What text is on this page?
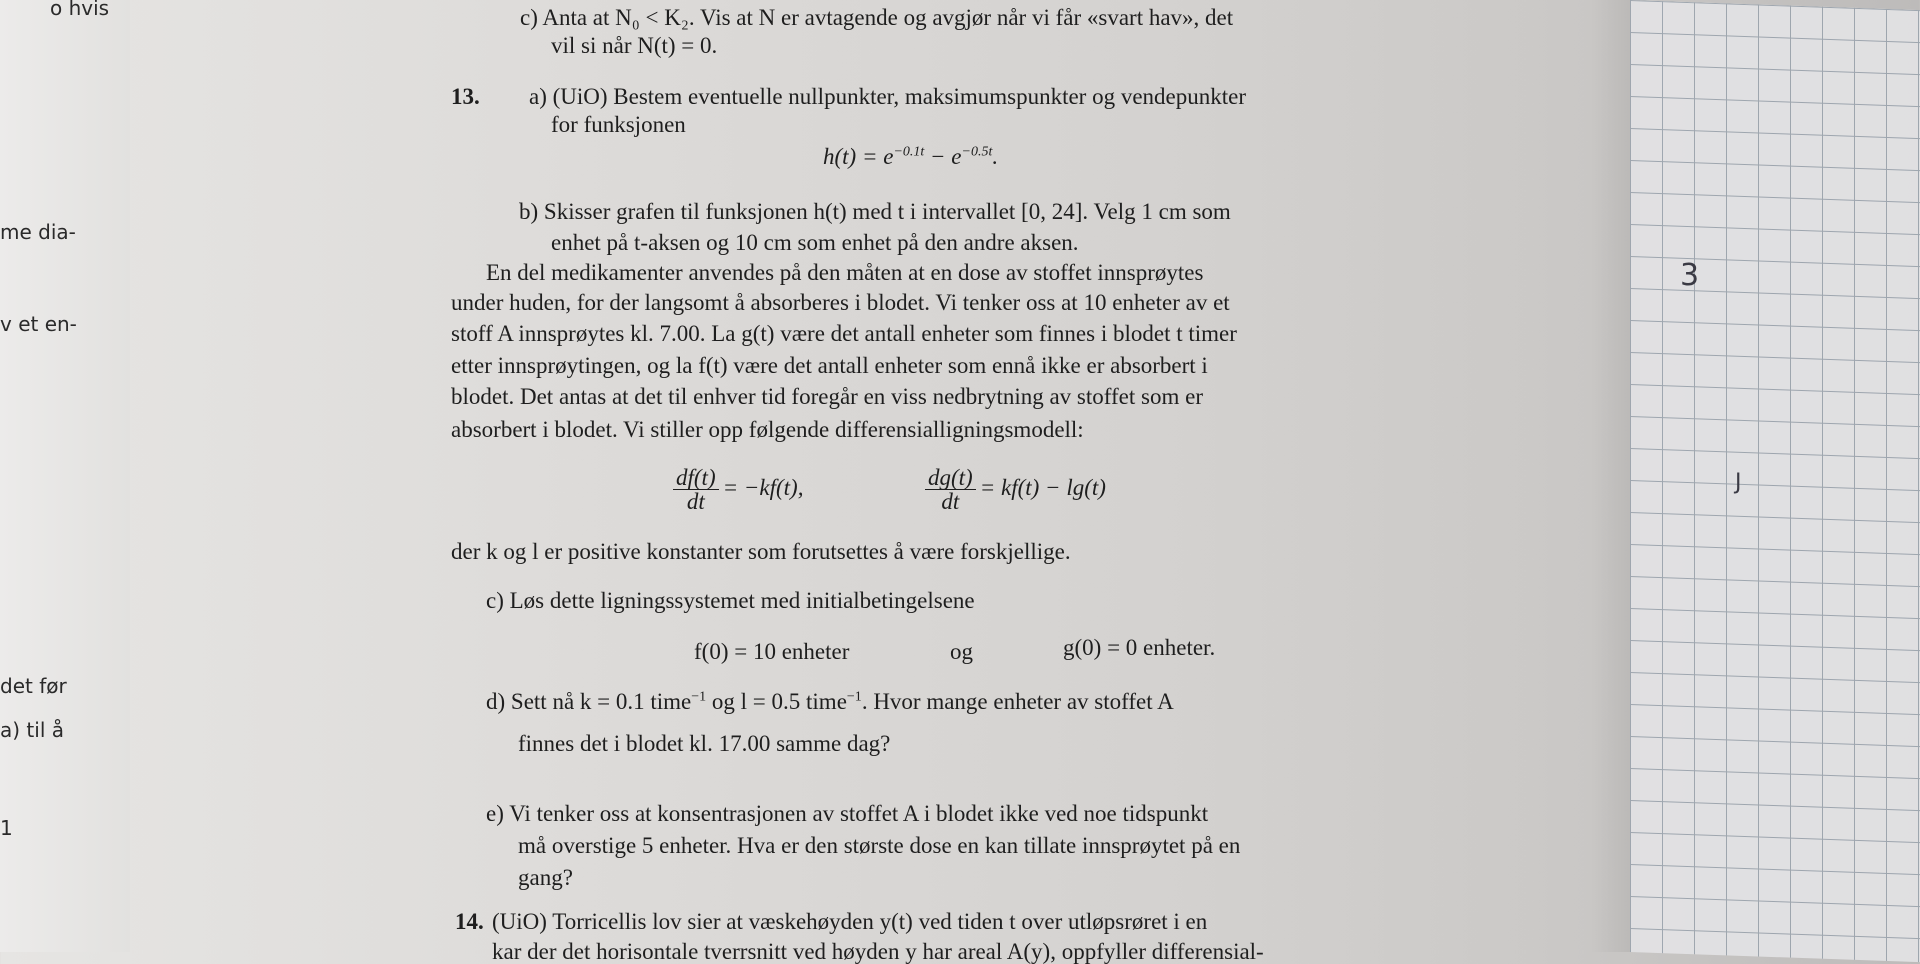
o hvis
me dia-
v et en-
det før
a) til å
1
3
J
c) Anta at N₀ < K₂. Vis at N er avtagende og avgjør når vi får «svart hav», det
vil si når N(t) = 0.
13. a) (UiO) Bestem eventuelle nullpunkter, maksimumspunkter og vendepunkter
for funksjonen
$h(t) = e^{-0.1t} - e^{-0.5t}$.
b) Skisser grafen til funksjonen h(t) med t i intervallet [0, 24]. Velg 1 cm som
enhet på t-aksen og 10 cm som enhet på den andre aksen.
En del medikamenter anvendes på den måten at en dose av stoffet innsprøytes
under huden, for der langsomt å absorberes i blodet. Vi tenker oss at 10 enheter av et
stoff A innsprøytes kl. 7.00. La g(t) være det antall enheter som finnes i blodet t timer
etter innsprøytingen, og la f(t) være det antall enheter som ennå ikke er absorbert i
blodet. Det antas at det til enhver tid foregår en viss nedbrytning av stoffet som er
absorbert i blodet. Vi stiller opp følgende differensialligningsmodell:
$\frac{df(t)}{dt} = -kf(t)$,	$\frac{dg(t)}{dt} = kf(t) - \lg(t)$
der k og l er positive konstanter som forutsettes å være forskjellige.
c) Løs dette ligningssystemet med initialbetingelsene
f(0) = 10 enheter	og	g(0) = 0 enheter.
d) Sett nå k = 0.1 time$^{-1}$ og l = 0.5 time$^{-1}$. Hvor mange enheter av stoffet A
finnes det i blodet kl. 17.00 samme dag?
e) Vi tenker oss at konsentrasjonen av stoffet A i blodet ikke ved noe tidspunkt
må overstige 5 enheter. Hva er den største dose en kan tillate innsprøytet på en
gang?
14. (UiO) Torricellis lov sier at væskehøyden y(t) ved tiden t over utløpsrøret i en
kar der det horisontale tverrsnitt ved høyden y har areal A(y), oppfyller differensial-
